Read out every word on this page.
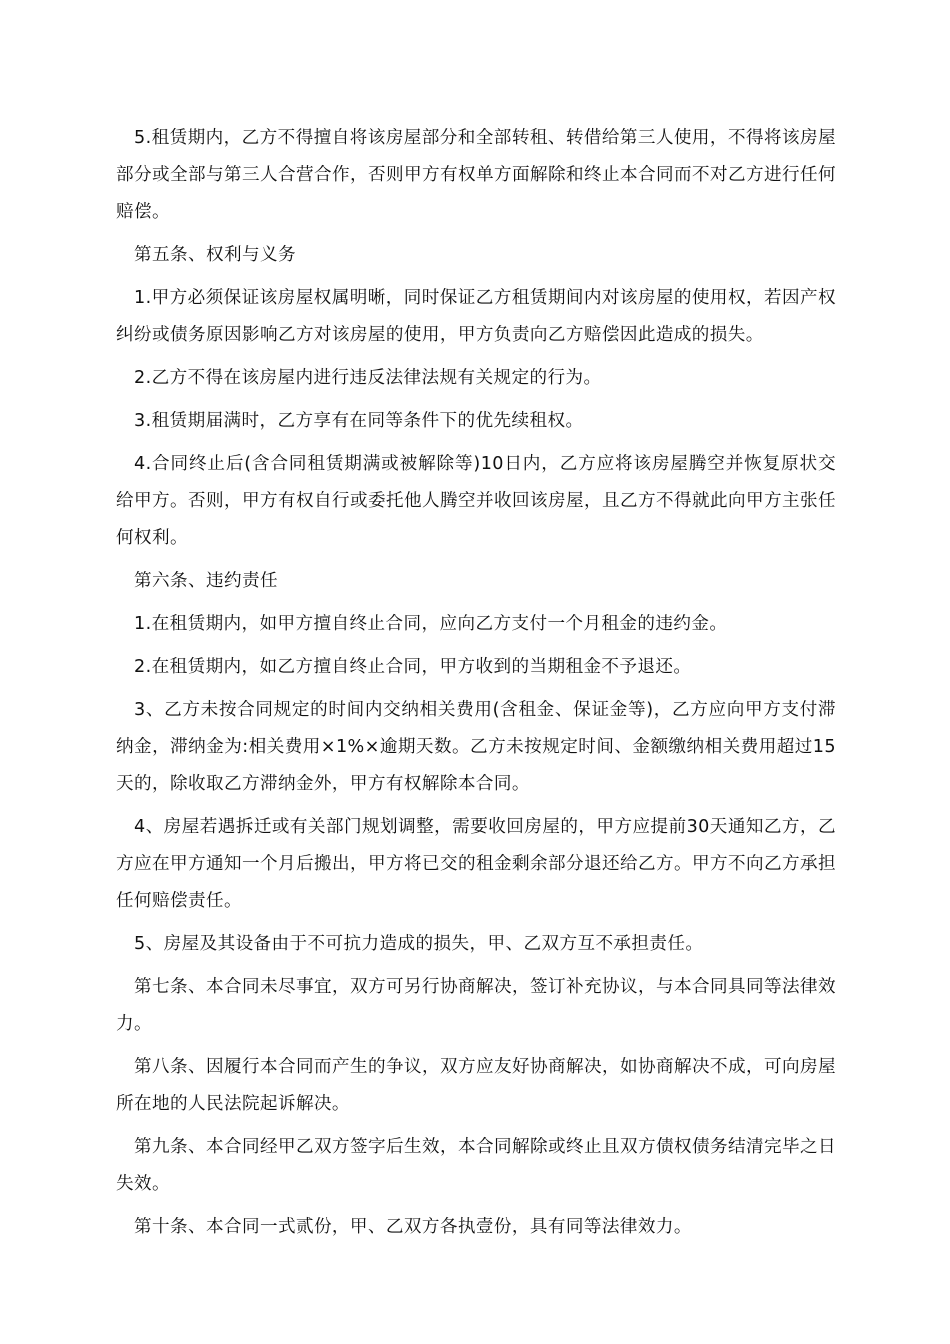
5.租赁期内，乙方不得擅自将该房屋部分和全部转租、转借给第三人使用，不得将该房屋部分或全部与第三人合营合作，否则甲方有权单方面解除和终止本合同而不对乙方进行任何赔偿。

第五条、权利与义务

1.甲方必须保证该房屋权属明晰，同时保证乙方租赁期间内对该房屋的使用权，若因产权纠纷或债务原因影响乙方对该房屋的使用，甲方负责向乙方赔偿因此造成的损失。

2.乙方不得在该房屋内进行违反法律法规有关规定的行为。

3.租赁期届满时，乙方享有在同等条件下的优先续租权。

4.合同终止后(含合同租赁期满或被解除等)10日内，乙方应将该房屋腾空并恢复原状交给甲方。否则，甲方有权自行或委托他人腾空并收回该房屋，且乙方不得就此向甲方主张任何权利。

第六条、违约责任

1.在租赁期内，如甲方擅自终止合同，应向乙方支付一个月租金的违约金。

2.在租赁期内，如乙方擅自终止合同，甲方收到的当期租金不予退还。

3、乙方未按合同规定的时间内交纳相关费用(含租金、保证金等)，乙方应向甲方支付滞纳金，滞纳金为:相关费用×1%×逾期天数。乙方未按规定时间、金额缴纳相关费用超过15天的，除收取乙方滞纳金外，甲方有权解除本合同。

4、房屋若遇拆迁或有关部门规划调整，需要收回房屋的，甲方应提前30天通知乙方，乙方应在甲方通知一个月后搬出，甲方将已交的租金剩余部分退还给乙方。甲方不向乙方承担任何赔偿责任。

5、房屋及其设备由于不可抗力造成的损失，甲、乙双方互不承担责任。

第七条、本合同未尽事宜，双方可另行协商解决，签订补充协议，与本合同具同等法律效力。

第八条、因履行本合同而产生的争议，双方应友好协商解决，如协商解决不成，可向房屋所在地的人民法院起诉解决。

第九条、本合同经甲乙双方签字后生效，本合同解除或终止且双方债权债务结清完毕之日失效。

第十条、本合同一式贰份，甲、乙双方各执壹份，具有同等法律效力。
